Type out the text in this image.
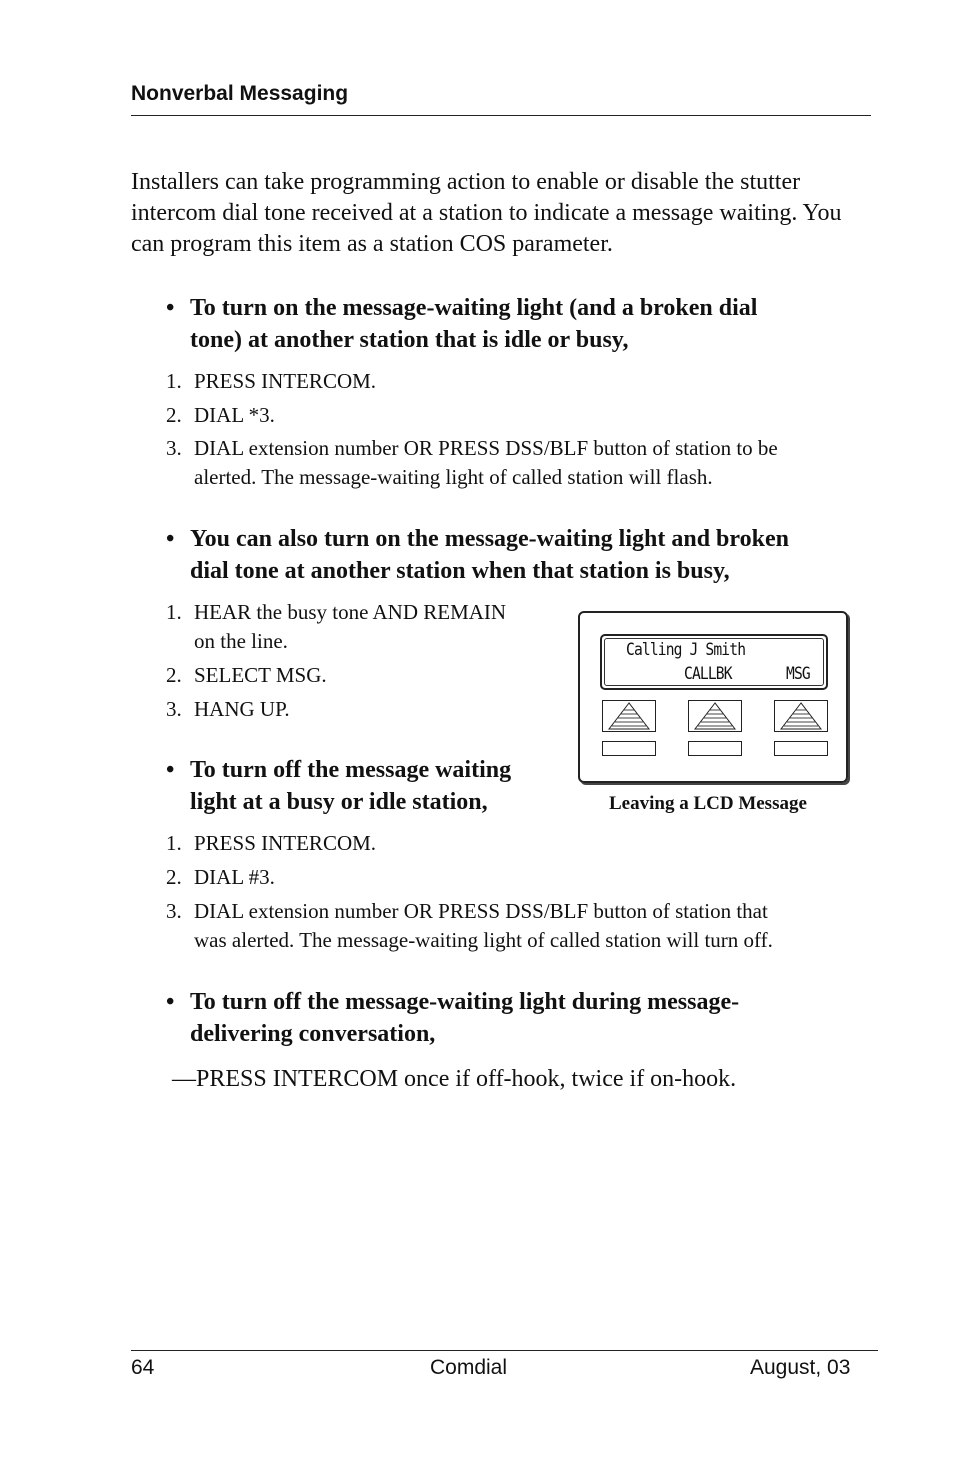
Nonverbal Messaging
Installers can take programming action to enable or disable the stutter intercom dial tone received at a station to indicate a message waiting. You can program this item as a station COS parameter.
• To turn on the message-waiting light (and a broken dial
tone) at another station that is idle or busy,
1. PRESS INTERCOM.
2. DIAL *3.
3. DIAL extension number OR PRESS DSS/BLF button of station to be
alerted. The message-waiting light of called station will flash.
• You can also turn on the message-waiting light and broken
dial tone at another station when that station is busy,
1. HEAR the busy tone AND REMAIN
on the line.
2. SELECT MSG.
3. HANG UP.
Calling J Smith
CALLBK	MSG
Leaving a LCD Message
• To turn off the message waiting
light at a busy or idle station,
1. PRESS INTERCOM.
2. DIAL #3.
3. DIAL extension number OR PRESS DSS/BLF button of station that
was alerted. The message-waiting light of called station will turn off.
• To turn off the message-waiting light during message-
delivering conversation,
—PRESS INTERCOM once if off-hook, twice if on-hook.
64	Comdial	August, 03
